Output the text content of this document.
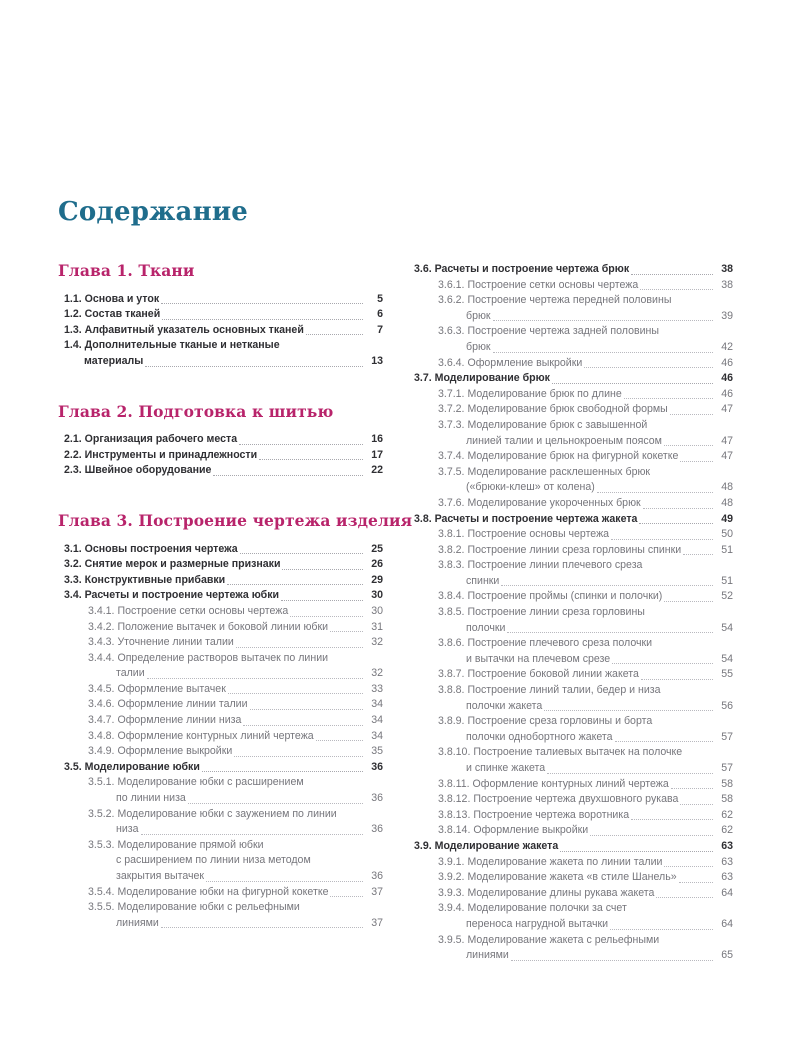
Содержание
Глава 1. Ткани
1.1. Основа и уток	5
1.2. Состав тканей	6
1.3. Алфавитный указатель основных тканей	7
1.4. Дополнительные тканые и нетканые
материалы	13
Глава 2. Подготовка к шитью
2.1. Организация рабочего места	16
2.2. Инструменты и принадлежности	17
2.3. Швейное оборудование	22
Глава 3. Построение чертежа изделия
3.1. Основы построения чертежа	25
3.2. Снятие мерок и размерные признаки	26
3.3. Конструктивные прибавки	29
3.4. Расчеты и построение чертежа юбки	30
3.4.1. Построение сетки основы чертежа	30
3.4.2. Положение вытачек и боковой линии юбки	31
3.4.3. Уточнение линии талии	32
3.4.4. Определение растворов вытачек по линии
талии	32
3.4.5. Оформление вытачек	33
3.4.6. Оформление линии талии	34
3.4.7. Оформление линии низа	34
3.4.8. Оформление контурных линий чертежа	34
3.4.9. Оформление выкройки	35
3.5. Моделирование юбки	36
3.5.1. Моделирование юбки с расширением
по линии низа	36
3.5.2. Моделирование юбки с заужением по линии
низа	36
3.5.3. Моделирование прямой юбки
с расширением по линии низа методом
закрытия вытачек	36
3.5.4. Моделирование юбки на фигурной кокетке	37
3.5.5. Моделирование юбки с рельефными
линиями	37
3.6. Расчеты и построение чертежа брюк	38
3.6.1. Построение сетки основы чертежа	38
3.6.2. Построение чертежа передней половины
брюк	39
3.6.3. Построение чертежа задней половины
брюк	42
3.6.4. Оформление выкройки	46
3.7. Моделирование брюк	46
3.7.1. Моделирование брюк по длине	46
3.7.2. Моделирование брюк свободной формы	47
3.7.3. Моделирование брюк с завышенной
линией талии и цельнокроеным поясом	47
3.7.4. Моделирование брюк на фигурной кокетке	47
3.7.5. Моделирование расклешенных брюк
(«брюки-клеш» от колена)	48
3.7.6. Моделирование укороченных брюк	48
3.8. Расчеты и построение чертежа жакета	49
3.8.1. Построение основы чертежа	50
3.8.2. Построение линии среза горловины спинки	51
3.8.3. Построение линии плечевого среза
спинки	51
3.8.4. Построение проймы (спинки и полочки)	52
3.8.5. Построение линии среза горловины
полочки	54
3.8.6. Построение плечевого среза полочки
и вытачки на плечевом срезе	54
3.8.7. Построение боковой линии жакета	55
3.8.8. Построение линий талии, бедер и низа
полочки жакета	56
3.8.9. Построение среза горловины и борта
полочки однобортного жакета	57
3.8.10. Построение талиевых вытачек на полочке
и спинке жакета	57
3.8.11. Оформление контурных линий чертежа	58
3.8.12. Построение чертежа двухшовного рукава	58
3.8.13. Построение чертежа воротника	62
3.8.14. Оформление выкройки	62
3.9. Моделирование жакета	63
3.9.1. Моделирование жакета по линии талии	63
3.9.2. Моделирование жакета «в стиле Шанель»	63
3.9.3. Моделирование длины рукава жакета	64
3.9.4. Моделирование полочки за счет
переноса нагрудной вытачки	64
3.9.5. Моделирование жакета с рельефными
линиями	65
